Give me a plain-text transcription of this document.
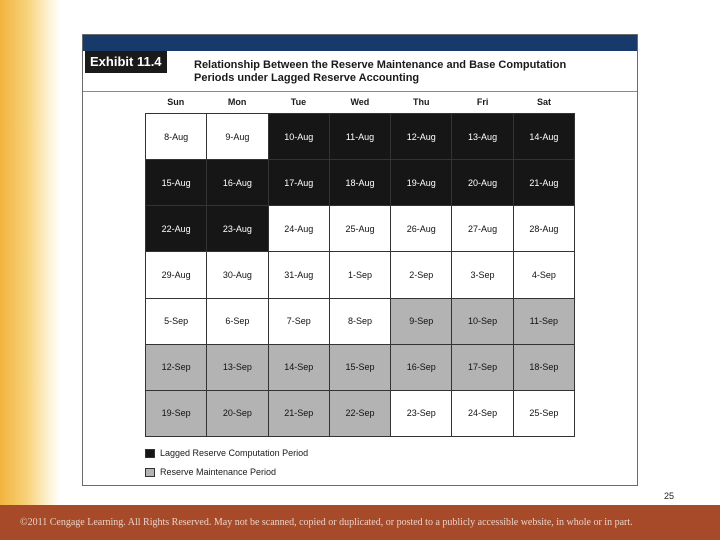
Exhibit 11.4	Relationship Between the Reserve Maintenance and Base Computation
Periods under Lagged Reserve Accounting
Sun	Mon	Tue	Wed	Thu	Fri	Sat
8-Aug	9-Aug	10-Aug	11-Aug	12-Aug	13-Aug	14-Aug
15-Aug	16-Aug	17-Aug	18-Aug	19-Aug	20-Aug	21-Aug
22-Aug	23-Aug	24-Aug	25-Aug	26-Aug	27-Aug	28-Aug
29-Aug	30-Aug	31-Aug	1-Sep	2-Sep	3-Sep	4-Sep
5-Sep	6-Sep	7-Sep	8-Sep	9-Sep	10-Sep	11-Sep
12-Sep	13-Sep	14-Sep	15-Sep	16-Sep	17-Sep	18-Sep
19-Sep	20-Sep	21-Sep	22-Sep	23-Sep	24-Sep	25-Sep
Lagged Reserve Computation Period
Reserve Maintenance Period
25
©2011 Cengage Learning. All Rights Reserved. May not be scanned, copied or duplicated, or posted to a publicly accessible website, in whole or in part.
